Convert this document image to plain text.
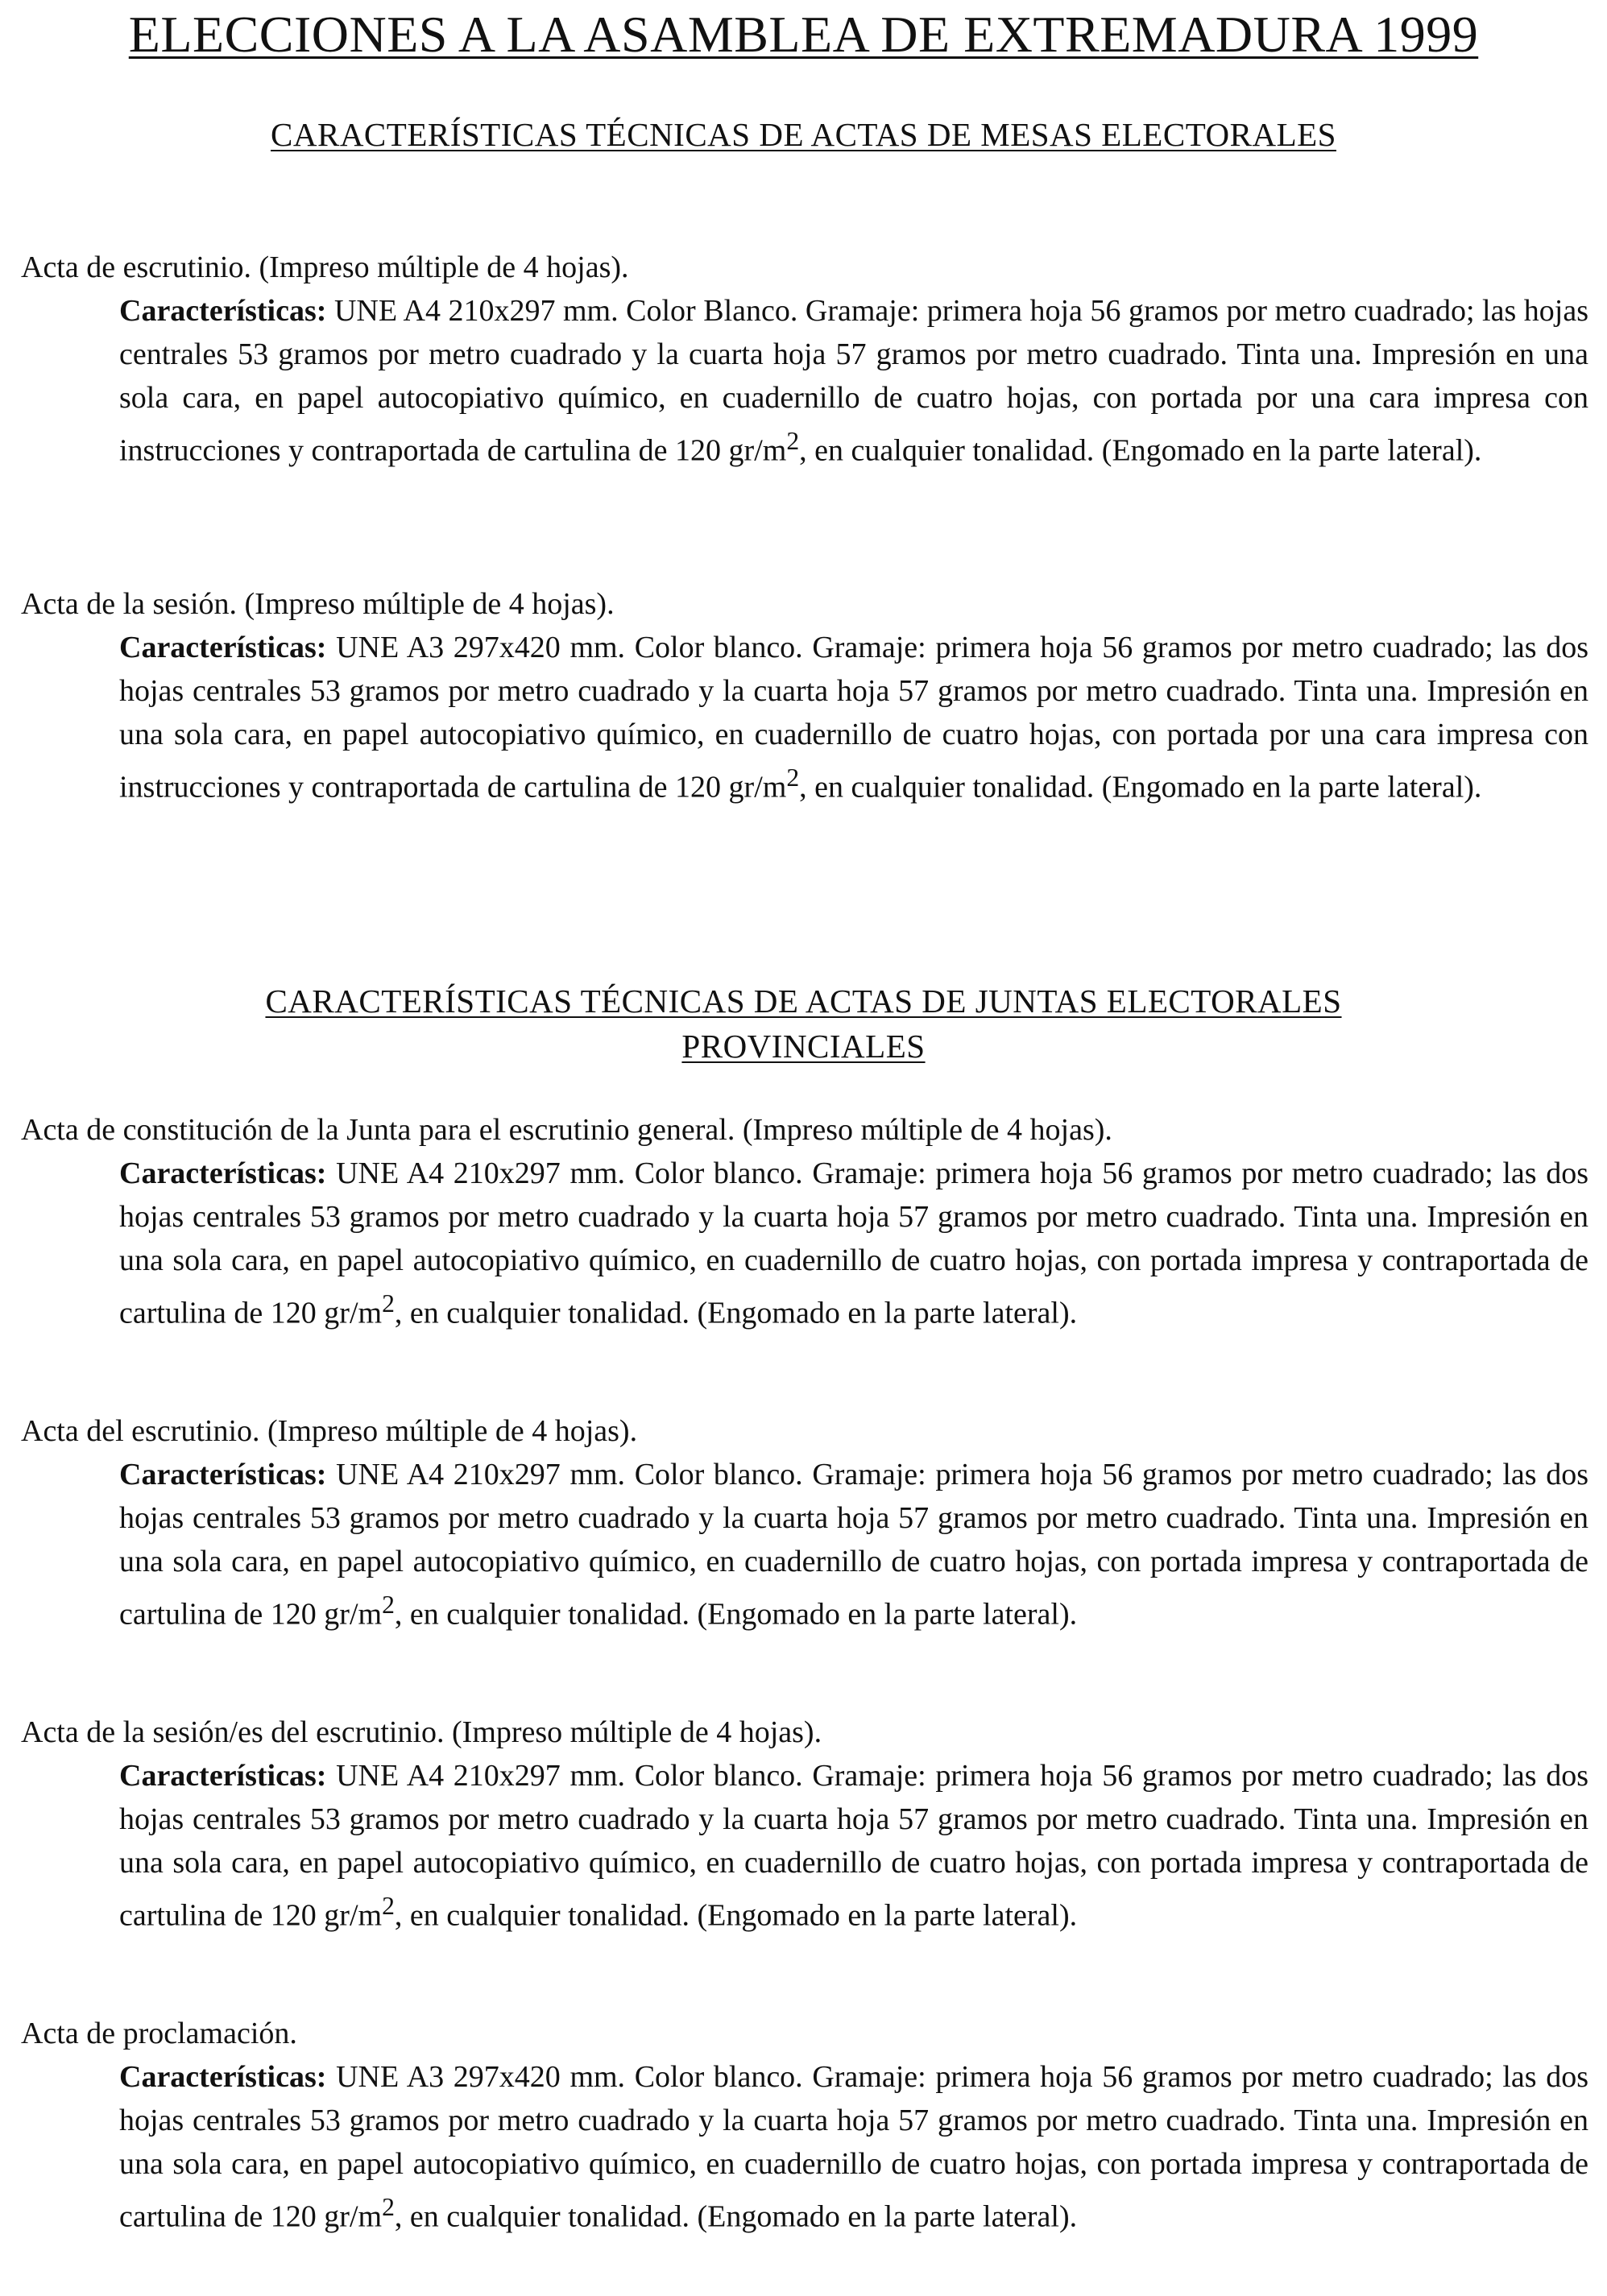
ELECCIONES A LA ASAMBLEA DE EXTREMADURA 1999
CARACTERÍSTICAS TÉCNICAS DE ACTAS DE MESAS ELECTORALES
Acta de escrutinio. (Impreso múltiple de 4 hojas).
Características: UNE A4 210x297 mm. Color Blanco. Gramaje: primera hoja 56 gramos por metro cuadrado; las hojas centrales 53 gramos por metro cuadrado y la cuarta hoja 57 gramos por metro cuadrado. Tinta una. Impresión en una sola cara, en papel autocopiativo químico, en cuadernillo de cuatro hojas, con portada por una cara impresa con instrucciones y contraportada de cartulina de 120 $gr/m^2$, en cualquier tonalidad. (Engomado en la parte lateral).
Acta de la sesión. (Impreso múltiple de 4 hojas).
Características: UNE A3 297x420 mm. Color blanco. Gramaje: primera hoja 56 gramos por metro cuadrado; las dos hojas centrales 53 gramos por metro cuadrado y la cuarta hoja 57 gramos por metro cuadrado. Tinta una. Impresión en una sola cara, en papel autocopiativo químico, en cuadernillo de cuatro hojas, con portada por una cara impresa con instrucciones y contraportada de cartulina de 120 $gr/m^2$, en cualquier tonalidad. (Engomado en la parte lateral).
CARACTERÍSTICAS TÉCNICAS DE ACTAS DE JUNTAS ELECTORALES
PROVINCIALES
Acta de constitución de la Junta para el escrutinio general. (Impreso múltiple de 4 hojas).
Características: UNE A4 210x297 mm. Color blanco. Gramaje: primera hoja 56 gramos por metro cuadrado; las dos hojas centrales 53 gramos por metro cuadrado y la cuarta hoja 57 gramos por metro cuadrado. Tinta una. Impresión en una sola cara, en papel autocopiativo químico, en cuadernillo de cuatro hojas, con portada impresa y contraportada de cartulina de 120 $gr/m^2$, en cualquier tonalidad. (Engomado en la parte lateral).
Acta del escrutinio. (Impreso múltiple de 4 hojas).
Características: UNE A4 210x297 mm. Color blanco. Gramaje: primera hoja 56 gramos por metro cuadrado; las dos hojas centrales 53 gramos por metro cuadrado y la cuarta hoja 57 gramos por metro cuadrado. Tinta una. Impresión en una sola cara, en papel autocopiativo químico, en cuadernillo de cuatro hojas, con portada impresa y contraportada de cartulina de 120 $gr/m^2$, en cualquier tonalidad. (Engomado en la parte lateral).
Acta de la sesión/es del escrutinio. (Impreso múltiple de 4 hojas).
Características: UNE A4 210x297 mm. Color blanco. Gramaje: primera hoja 56 gramos por metro cuadrado; las dos hojas centrales 53 gramos por metro cuadrado y la cuarta hoja 57 gramos por metro cuadrado. Tinta una. Impresión en una sola cara, en papel autocopiativo químico, en cuadernillo de cuatro hojas, con portada impresa y contraportada de cartulina de 120 $gr/m^2$, en cualquier tonalidad. (Engomado en la parte lateral).
Acta de proclamación.
Características: UNE A3 297x420 mm. Color blanco. Gramaje: primera hoja 56 gramos por metro cuadrado; las dos hojas centrales 53 gramos por metro cuadrado y la cuarta hoja 57 gramos por metro cuadrado. Tinta una. Impresión en una sola cara, en papel autocopiativo químico, en cuadernillo de cuatro hojas, con portada impresa y contraportada de cartulina de 120 $gr/m^2$, en cualquier tonalidad. (Engomado en la parte lateral).
